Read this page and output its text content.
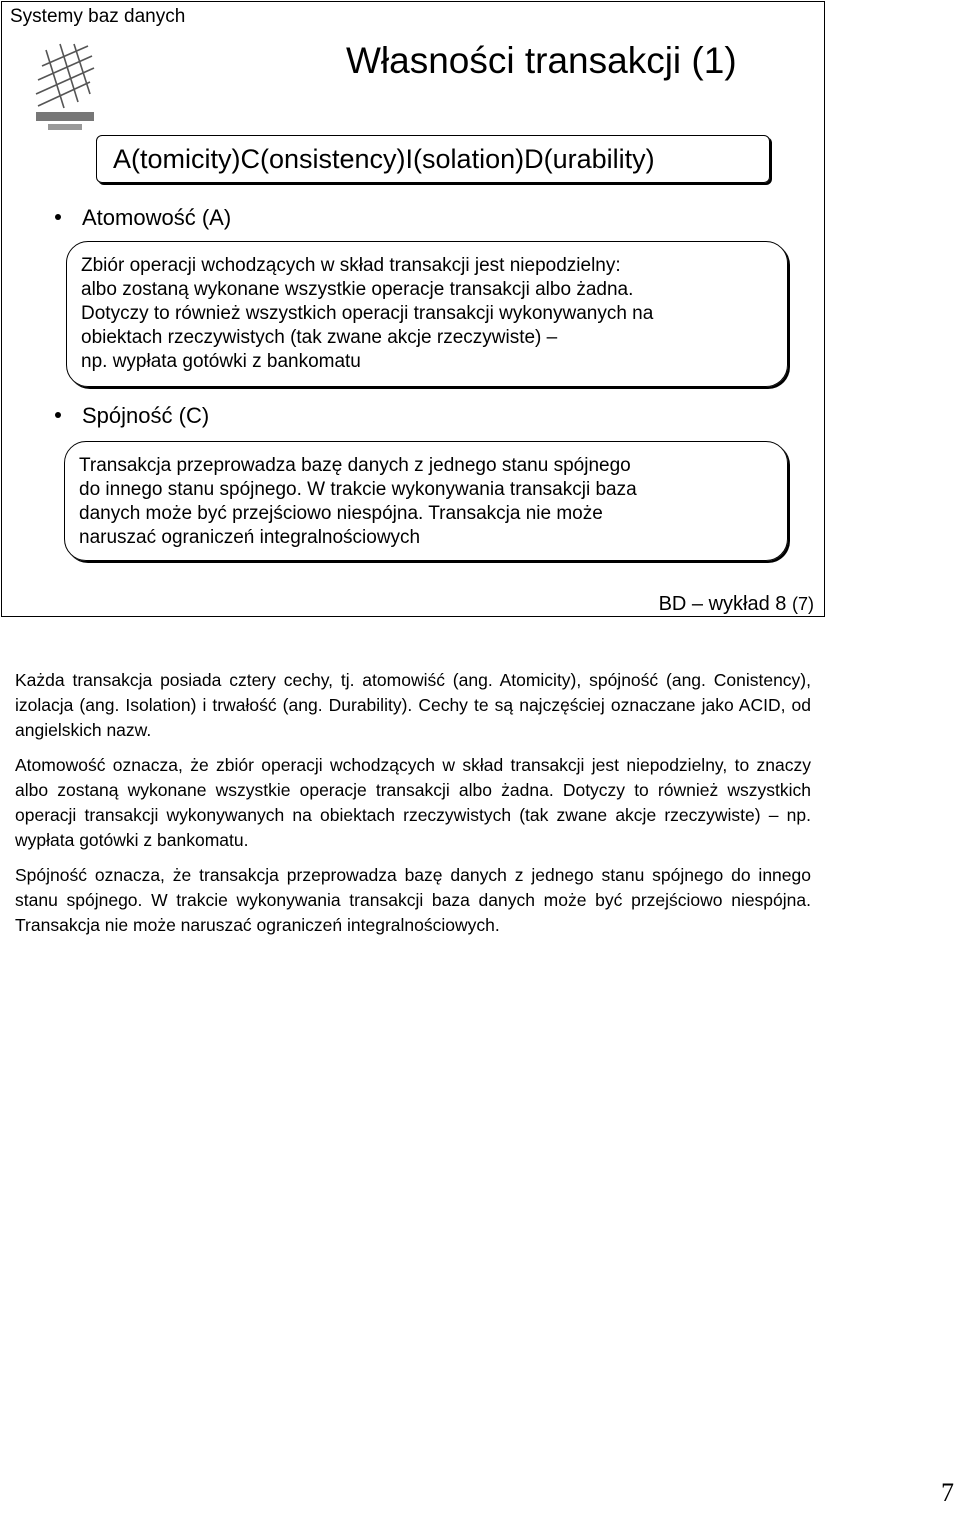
Systemy baz danych
Własności transakcji (1)
A(tomicity)C(onsistency)I(solation)D(urability)
Atomowość (A)
Zbiór operacji wchodzących w skład transakcji jest niepodzielny:
albo zostaną wykonane wszystkie operacje transakcji albo żadna.
Dotyczy to również wszystkich operacji transakcji wykonywanych na
obiektach rzeczywistych (tak zwane akcje rzeczywiste) –
np. wypłata gotówki z bankomatu
Spójność (C)
Transakcja przeprowadza bazę danych z jednego stanu spójnego
do innego stanu spójnego. W trakcie wykonywania transakcji baza
danych może być przejściowo niespójna. Transakcja nie może
naruszać ograniczeń integralnościowych
BD – wykład 8 (7)

Każda transakcja posiada cztery cechy, tj. atomowiść (ang. Atomicity), spójność (ang. Conistency), izolacja (ang. Isolation) i trwałość (ang. Durability). Cechy te są najczęściej oznaczane jako ACID, od angielskich nazw.

Atomowość oznacza, że zbiór operacji wchodzących w skład transakcji jest niepodzielny, to znaczy albo zostaną wykonane wszystkie operacje transakcji albo żadna. Dotyczy to również wszystkich operacji transakcji wykonywanych na obiektach rzeczywistych (tak zwane akcje rzeczywiste) – np. wypłata gotówki z bankomatu.

Spójność oznacza, że transakcja przeprowadza bazę danych z jednego stanu spójnego do innego stanu spójnego. W trakcie wykonywania transakcji baza danych może być przejściowo niespójna. Transakcja nie może naruszać ograniczeń integralnościowych.

7
